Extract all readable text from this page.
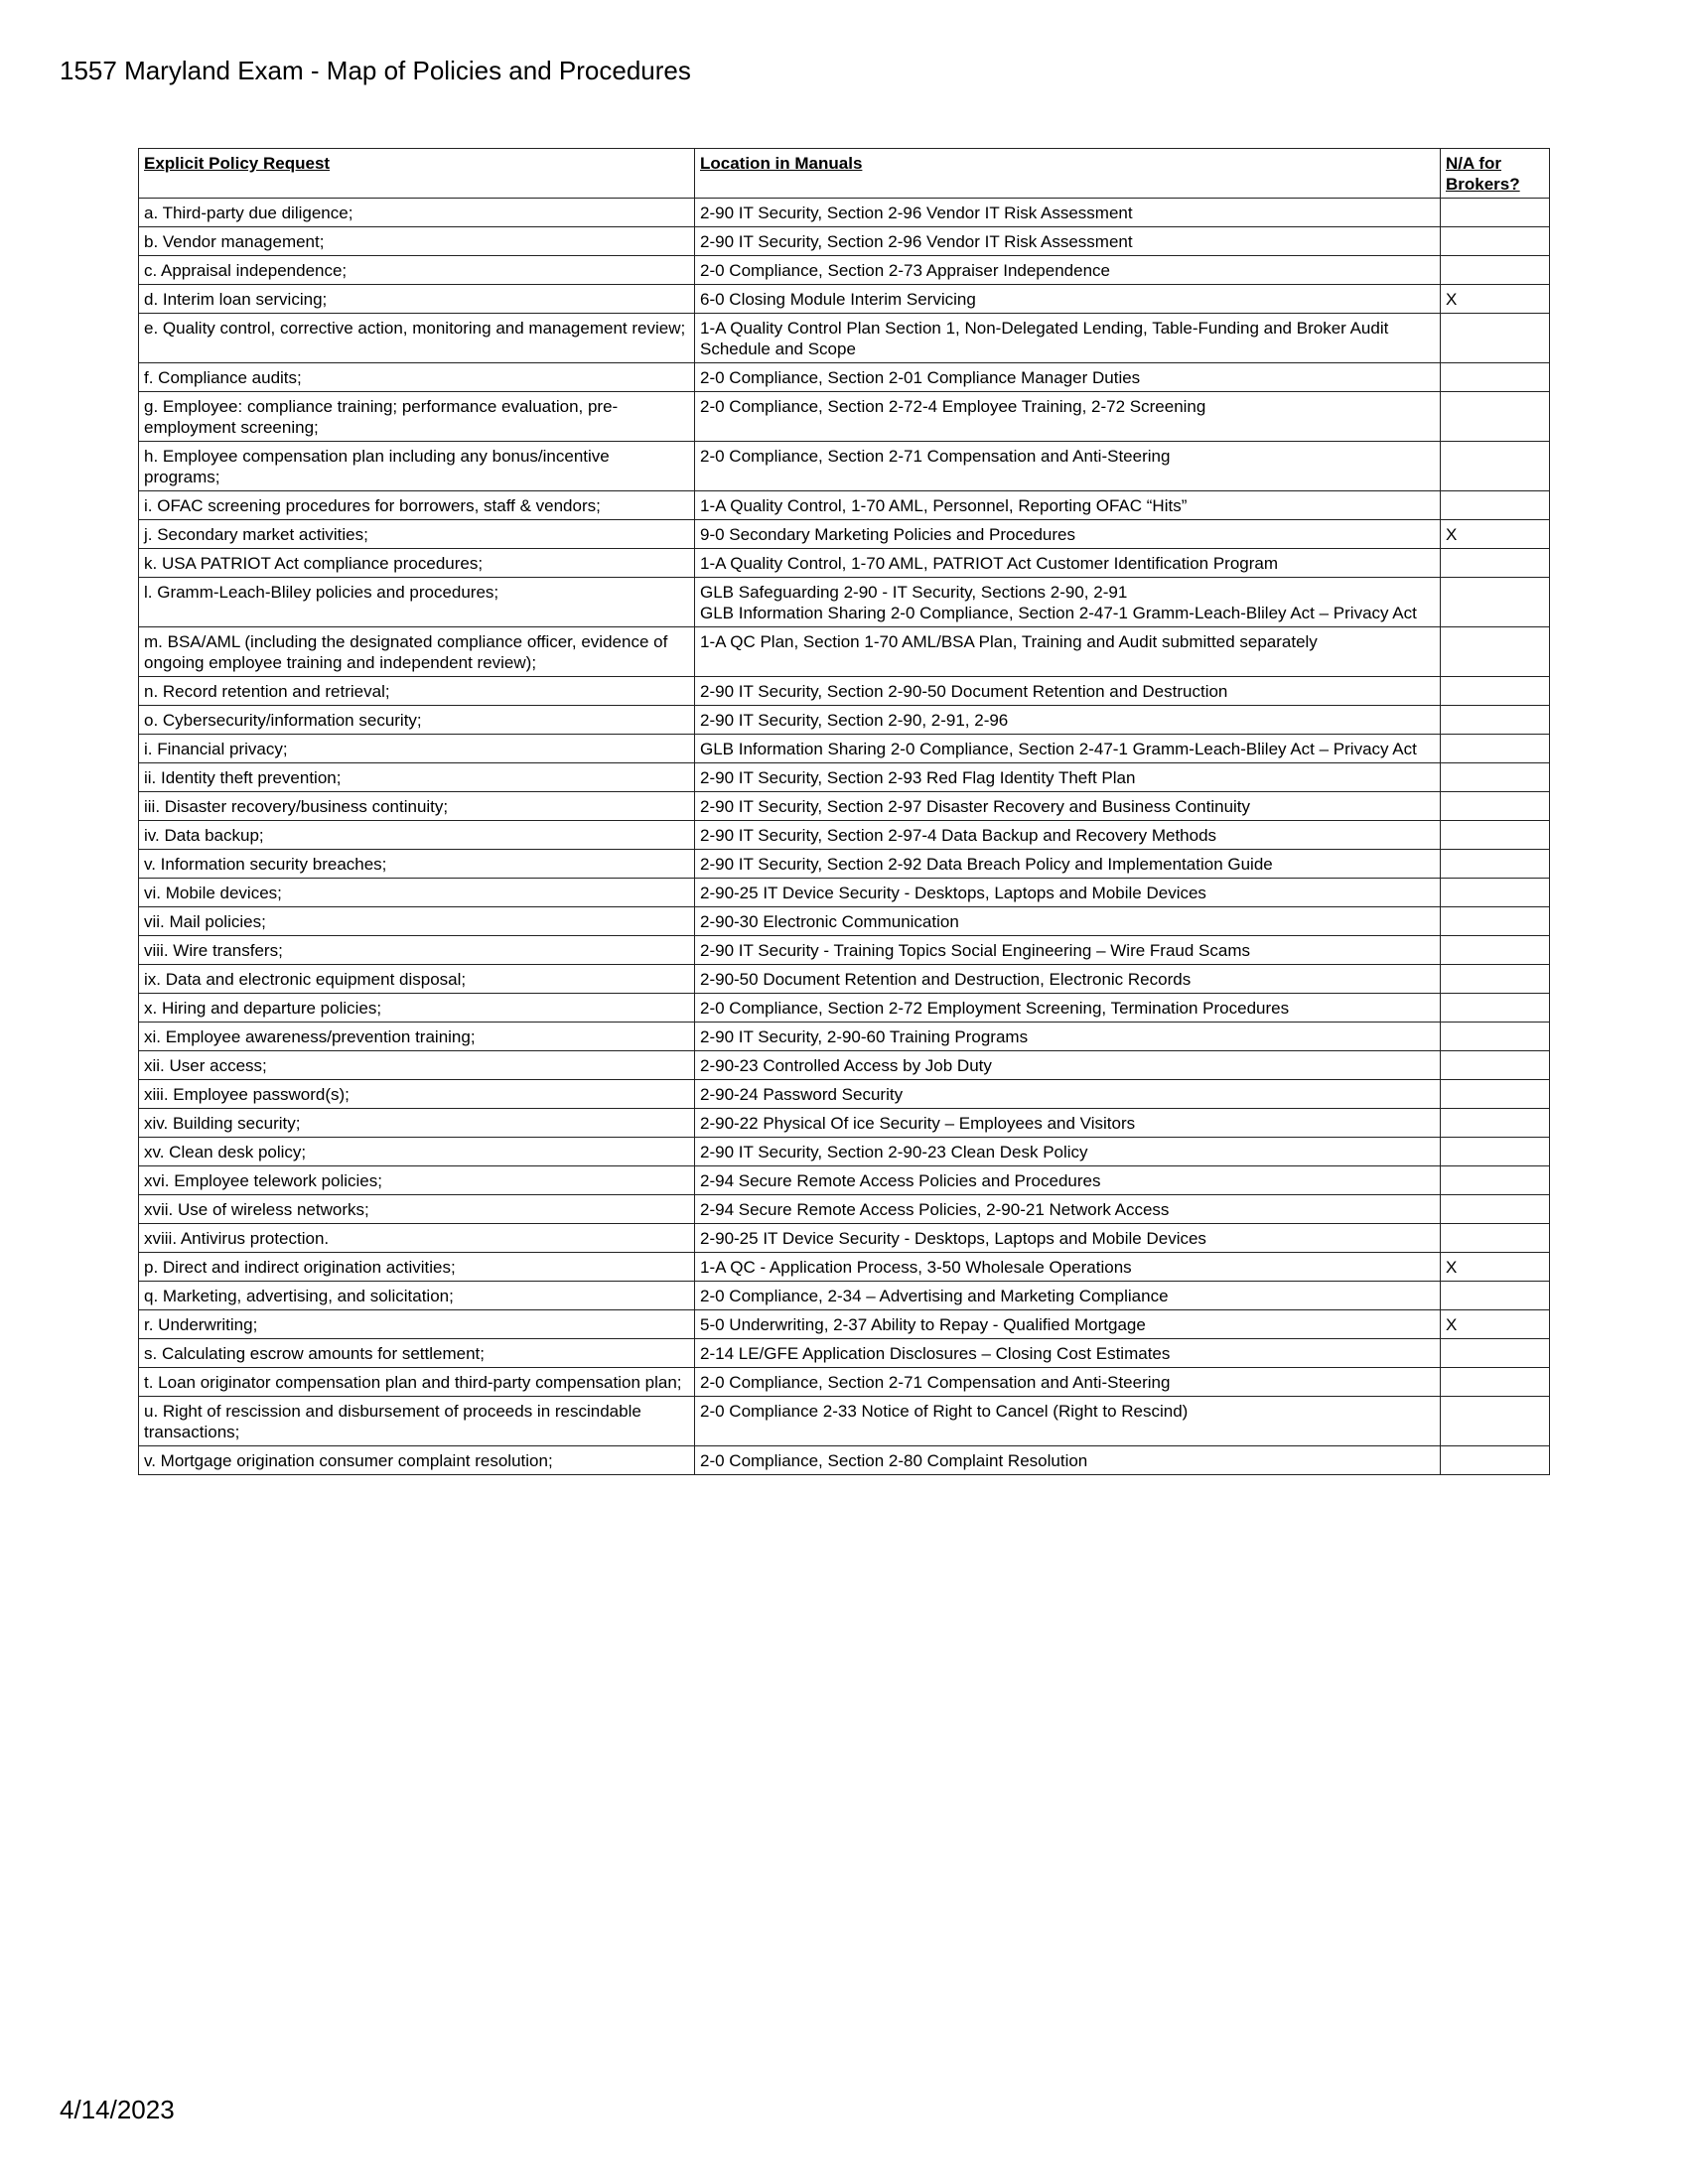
1557 Maryland Exam - Map of Policies and Procedures
Explicit Policy Request	Location in Manuals	N/A for Brokers?
a. Third-party due diligence;	2-90 IT Security, Section 2-96 Vendor IT Risk Assessment	
b. Vendor management;	2-90 IT Security, Section 2-96 Vendor IT Risk Assessment	
c. Appraisal independence;	2-0 Compliance, Section 2-73 Appraiser Independence	
d. Interim loan servicing;	6-0 Closing Module Interim Servicing	X
e. Quality control, corrective action, monitoring and management review;	1-A Quality Control Plan Section 1, Non-Delegated Lending, Table-Funding and Broker Audit Schedule and Scope	
f. Compliance audits;	2-0 Compliance, Section 2-01 Compliance Manager Duties	
g. Employee: compliance training; performance evaluation, pre-employment screening;	2-0 Compliance, Section 2-72-4 Employee Training, 2-72 Screening	
h. Employee compensation plan including any bonus/incentive programs;	2-0 Compliance, Section 2-71 Compensation and Anti-Steering	
i. OFAC screening procedures for borrowers, staff & vendors;	1-A Quality Control, 1-70 AML, Personnel, Reporting OFAC “Hits”	
j. Secondary market activities;	9-0 Secondary Marketing Policies and Procedures	X
k. USA PATRIOT Act compliance procedures;	1-A Quality Control, 1-70 AML, PATRIOT Act Customer Identification Program	
l. Gramm-Leach-Bliley policies and procedures;	GLB Safeguarding 2-90 - IT Security, Sections 2-90, 2-91
GLB Information Sharing 2-0 Compliance, Section 2-47-1 Gramm-Leach-Bliley Act – Privacy Act	
m. BSA/AML (including the designated compliance officer, evidence of ongoing employee training and independent review);	1-A QC Plan, Section 1-70 AML/BSA Plan, Training and Audit submitted separately	
n. Record retention and retrieval;	2-90 IT Security, Section 2-90-50 Document Retention and Destruction	
o. Cybersecurity/information security;	2-90 IT Security, Section 2-90, 2-91, 2-96	
i. Financial privacy;	GLB Information Sharing 2-0 Compliance, Section 2-47-1 Gramm-Leach-Bliley Act – Privacy Act	
ii. Identity theft prevention;	2-90 IT Security, Section 2-93 Red Flag Identity Theft Plan	
iii. Disaster recovery/business continuity;	2-90 IT Security, Section 2-97 Disaster Recovery and Business Continuity	
iv. Data backup;	2-90 IT Security, Section 2-97-4 Data Backup and Recovery Methods	
v. Information security breaches;	2-90 IT Security, Section 2-92 Data Breach Policy and Implementation Guide	
vi. Mobile devices;	2-90-25 IT Device Security - Desktops, Laptops and Mobile Devices	
vii. Mail policies;	2-90-30 Electronic Communication	
viii. Wire transfers;	2-90 IT Security - Training Topics Social Engineering – Wire Fraud Scams	
ix. Data and electronic equipment disposal;	2-90-50 Document Retention and Destruction, Electronic Records	
x. Hiring and departure policies;	2-0 Compliance, Section 2-72 Employment Screening, Termination Procedures	
xi. Employee awareness/prevention training;	2-90 IT Security, 2-90-60 Training Programs	
xii. User access;	2-90-23 Controlled Access by Job Duty	
xiii. Employee password(s);	2-90-24 Password Security	
xiv. Building security;	2-90-22 Physical Of ice Security – Employees and Visitors	
xv. Clean desk policy;	2-90 IT Security, Section 2-90-23 Clean Desk Policy	
xvi. Employee telework policies;	2-94 Secure Remote Access Policies and Procedures	
xvii. Use of wireless networks;	2-94 Secure Remote Access Policies, 2-90-21 Network Access	
xviii. Antivirus protection.	2-90-25 IT Device Security - Desktops, Laptops and Mobile Devices	
p. Direct and indirect origination activities;	1-A QC - Application Process, 3-50 Wholesale Operations	X
q. Marketing, advertising, and solicitation;	2-0 Compliance, 2-34 – Advertising and Marketing Compliance	
r. Underwriting;	5-0 Underwriting, 2-37 Ability to Repay - Qualified Mortgage	X
s. Calculating escrow amounts for settlement;	2-14 LE/GFE Application Disclosures – Closing Cost Estimates	
t. Loan originator compensation plan and third-party compensation plan;	2-0 Compliance, Section 2-71 Compensation and Anti-Steering	
u. Right of rescission and disbursement of proceeds in rescindable transactions;	2-0 Compliance 2-33 Notice of Right to Cancel (Right to Rescind)	
v. Mortgage origination consumer complaint resolution;	2-0 Compliance, Section 2-80 Complaint Resolution	
4/14/2023
